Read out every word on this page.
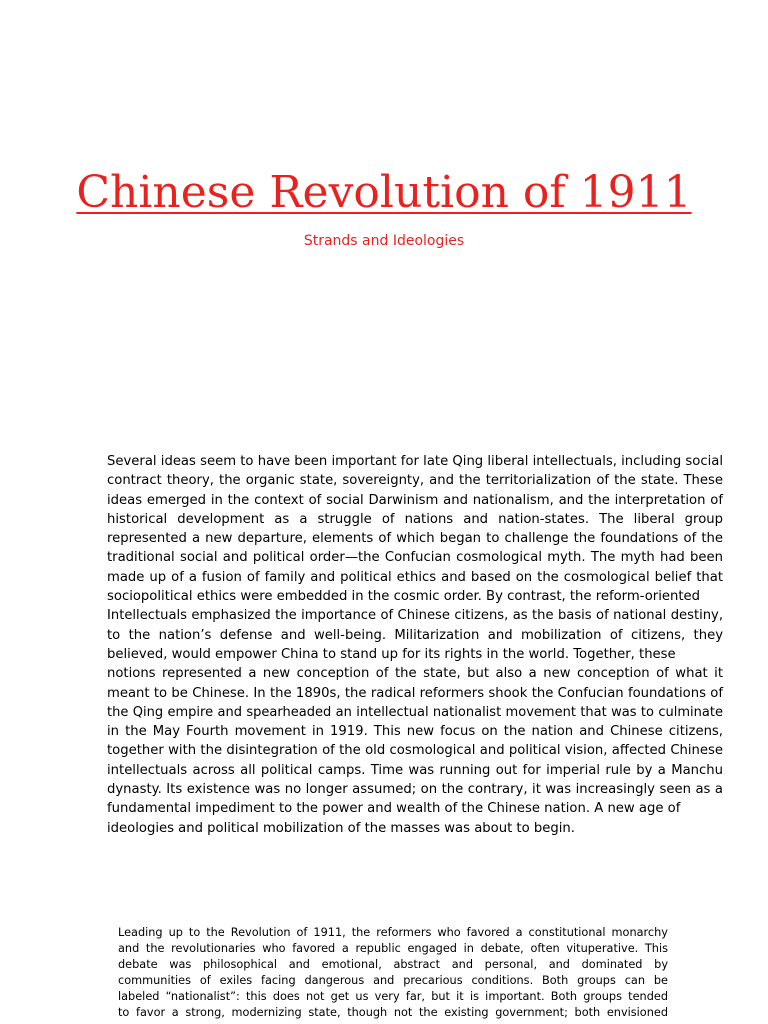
Chinese Revolution of 1911

Strands and Ideologies

Several ideas seem to have been important for late Qing liberal intellectuals, including social
contract theory, the organic state, sovereignty, and the territorialization of the state. These
ideas emerged in the context of social Darwinism and nationalism, and the interpretation of
historical development as a struggle of nations and nation-states. The liberal group
represented a new departure, elements of which began to challenge the foundations of the
traditional social and political order—the Confucian cosmological myth. The myth had been
made up of a fusion of family and political ethics and based on the cosmological belief that
sociopolitical ethics were embedded in the cosmic order. By contrast, the reform-oriented
Intellectuals emphasized the importance of Chinese citizens, as the basis of national destiny,
to the nation’s defense and well-being. Militarization and mobilization of citizens, they
believed, would empower China to stand up for its rights in the world. Together, these
notions represented a new conception of the state, but also a new conception of what it
meant to be Chinese. In the 1890s, the radical reformers shook the Confucian foundations of
the Qing empire and spearheaded an intellectual nationalist movement that was to culminate
in the May Fourth movement in 1919. This new focus on the nation and Chinese citizens,
together with the disintegration of the old cosmological and political vision, affected Chinese
intellectuals across all political camps. Time was running out for imperial rule by a Manchu
dynasty. Its existence was no longer assumed; on the contrary, it was increasingly seen as a
fundamental impediment to the power and wealth of the Chinese nation. A new age of
ideologies and political mobilization of the masses was about to begin.
Leading up to the Revolution of 1911, the reformers who favored a constitutional monarchy
and the revolutionaries who favored a republic engaged in debate, often vituperative. This
debate was philosophical and emotional, abstract and personal, and dominated by
communities of exiles facing dangerous and precarious conditions. Both groups can be
labeled “nationalist”: this does not get us very far, but it is important. Both groups tended
to favor a strong, modernizing state, though not the existing government; both envisioned
